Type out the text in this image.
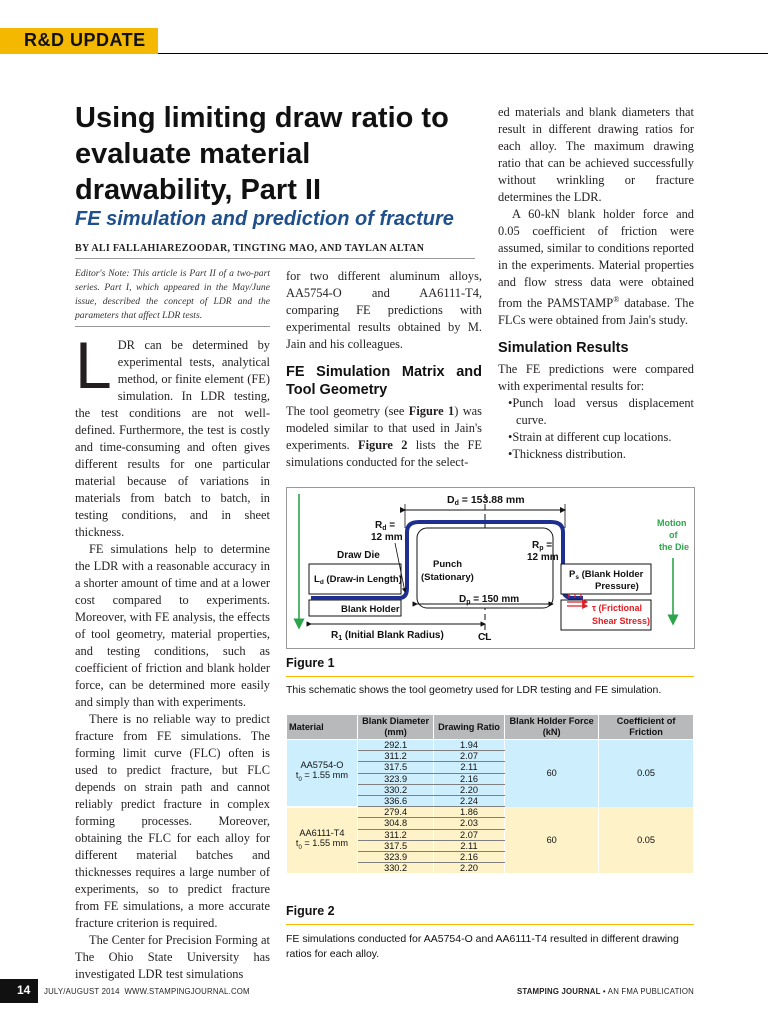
R&D UPDATE
Using limiting draw ratio to evaluate material drawability, Part II
FE simulation and prediction of fracture
BY ALI FALLAHIAREZOODAR, TINGTING MAO, AND TAYLAN ALTAN
Editor's Note: This article is Part II of a two-part series. Part I, which appeared in the May/June issue, described the concept of LDR and the parameters that affect LDR tests.

LDR can be determined by experimental tests, analytical method, or finite element (FE) simulation. In LDR testing, the test conditions are not well-defined. Furthermore, the test is costly and time-consuming and often gives different results for one particular material because of variations in materials from batch to batch, in testing conditions, and in sheet thickness.

FE simulations help to determine the LDR with a reasonable accuracy in a shorter amount of time and at a lower cost compared to experiments. Moreover, with FE analysis, the effects of tool geometry, material properties, and testing conditions, such as coefficient of friction and blank holder force, can be determined more easily and simply than with experiments.

There is no reliable way to predict fracture from FE simulations. The forming limit curve (FLC) often is used to predict fracture, but FLC depends on strain path and cannot reliably predict fracture in complex forming processes. Moreover, obtaining the FLC for each alloy for different material batches and thicknesses requires a large number of experiments, so to predict fracture from FE simulations, a more accurate fracture criterion is required.

The Center for Precision Forming at The Ohio State University has investigated LDR test simulations

for two different aluminum alloys, AA5754-O and AA6111-T4, comparing FE predictions with experimental results obtained by M. Jain and his colleagues.

FE Simulation Matrix and Tool Geometry

The tool geometry (see Figure 1) was modeled similar to that used in Jain's experiments. Figure 2 lists the FE simulations conducted for the select-

ed materials and blank diameters that result in different drawing ratios for each alloy. The maximum drawing ratio that can be achieved successfully without wrinkling or fracture determines the LDR.

A 60-kN blank holder force and 0.05 coefficient of friction were assumed, similar to conditions reported in the experiments. Material properties and flow stress data were obtained from the PAMSTAMP® database. The FLCs were obtained from Jain's study.

Simulation Results

The FE predictions were compared with experimental results for:

•Punch load versus displacement curve.
•Strain at different cup locations.
•Thickness distribution.
Dd = 153.88 mm
Draw Die
$L_d$ (Draw-in Length)
Blank Holder
Punch
(Stationary)
$R_d$ =
12 mm
$R_p$ =
12 mm
$D_p = 150$ mm
$R_1$ (Initial Blank Radius)	CL
$P_s$ (Blank Holder
Pressure)
τ (Frictional
Shear Stress)
Motion
of
the Die
Figure 1
This schematic shows the tool geometry used for LDR testing and FE simulation.
Material	Blank Diameter (mm)	Drawing Ratio	Blank Holder Force (kN)	Coefficient of Friction
AA5754-O
$t_0 = 1.55$ mm	292.1	1.94	60	0.05
	311.2	2.07		
	317.5	2.11		
	323.9	2.16		
	330.2	2.20		
	336.6	2.24		
AA6111-T4
$t_0 = 1.55$ mm	279.4	1.86	60	0.05
	304.8	2.03		
	311.2	2.07		
	317.5	2.11		
	323.9	2.16		
	330.2	2.20		
Figure 2
FE simulations conducted for AA5754-O and AA6111-T4 resulted in different drawing ratios for each alloy.
14 JULY/AUGUST 2014  WWW.STAMPINGJOURNAL.COM	STAMPING JOURNAL • AN FMA PUBLICATION
